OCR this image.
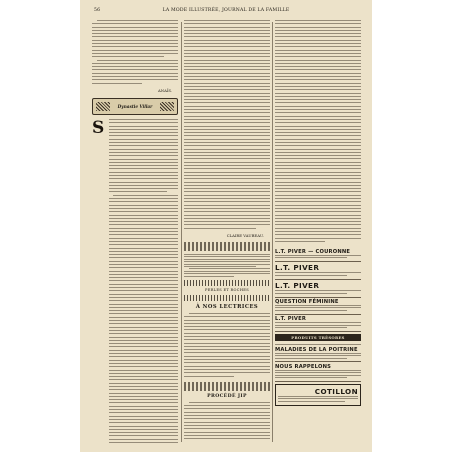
56	LA MODE ILLUSTRÉE, JOURNAL DE LA FAMILLE
ANAÏS.
Dynastie Villar
S
CLAIRE VAUBEAU.
PERLES ET ROCHES
À NOS LECTRICES
PROCÉDÉ JIP
L.T. PIVER — COURONNE
L.T. PIVER
L.T. PIVER
QUESTION FÉMININE
L.T. PIVER
PRODUITS TRÉSORES
MALADIES DE LA POITRINE
NOUS RAPPELONS
COTILLON
